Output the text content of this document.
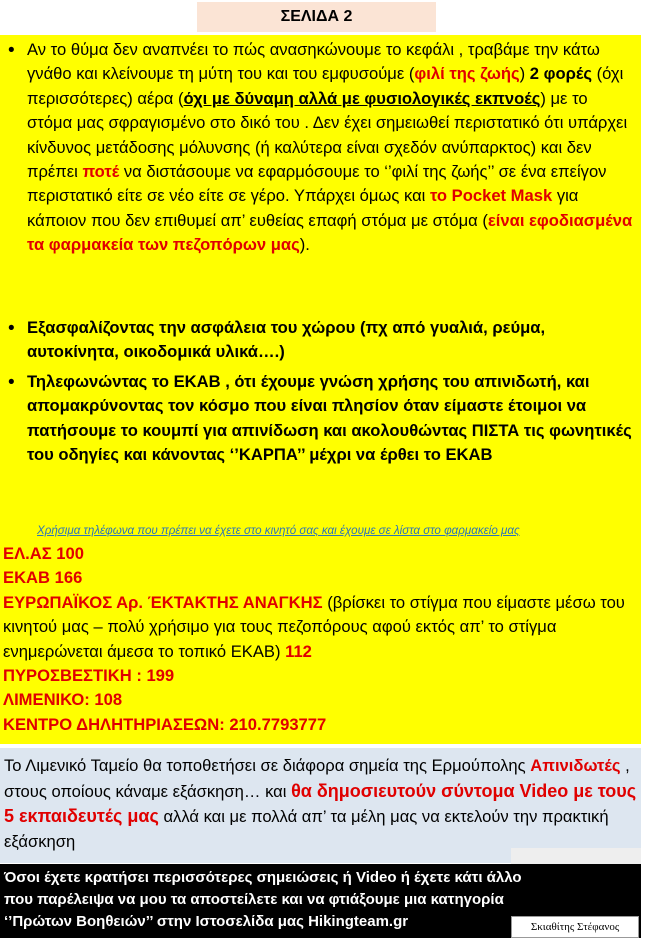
ΣΕΛΙΔΑ 2
• Αν το θύμα δεν αναπνέει το πώς ανασηκώνουμε το κεφάλι , τραβάμε την κάτω γνάθο και κλείνουμε τη μύτη του και του εμφυσούμε (φιλί της ζωής) 2 φορές (όχι περισσότερες) αέρα (όχι με δύναμη αλλά με φυσιολογικές εκπνοές) με το στόμα μας σφραγισμένο στο δικό του . Δεν έχει σημειωθεί περιστατικό ότι υπάρχει κίνδυνος μετάδοσης μόλυνσης (ή καλύτερα είναι σχεδόν ανύπαρκτος) και δεν πρέπει ποτέ να διστάσουμε να εφαρμόσουμε το ‘’φιλί της ζωής’’ σε ένα επείγον περιστατικό είτε σε νέο είτε σε γέρο. Υπάρχει όμως και το Pocket Mask για κάποιον που δεν επιθυμεί απ’ ευθείας επαφή στόμα με στόμα (είναι εφοδιασμένα τα φαρμακεία των πεζοπόρων μας).
• Εξασφαλίζοντας την ασφάλεια του χώρου (πχ από γυαλιά, ρεύμα, αυτοκίνητα, οικοδομικά υλικά….)
• Τηλεφωνώντας το ΕΚΑΒ , ότι έχουμε γνώση χρήσης του απινιδωτή, και απομακρύνοντας τον κόσμο που είναι πλησίον όταν είμαστε έτοιμοι να πατήσουμε το κουμπί για απινίδωση και ακολουθώντας ΠΙΣΤΑ τις φωνητικές του οδηγίες και κάνοντας ‘’ΚΑΡΠΑ’’ μέχρι να έρθει το ΕΚΑΒ
Χρήσιμα τηλέφωνα που πρέπει να έχετε στο κινητό σας και έχουμε σε λίστα στο φαρμακείο μας
ΕΛ.ΑΣ 100
ΕΚΑΒ 166
ΕΥΡΩΠΑΪΚΟΣ Αρ. ΈΚΤΑΚΤΗΣ ΑΝΑΓΚΗΣ (βρίσκει το στίγμα που είμαστε μέσω του κινητού μας – πολύ χρήσιμο για τους πεζοπόρους αφού εκτός απ’ το στίγμα ενημερώνεται άμεσα το τοπικό ΕΚΑΒ) 112
ΠΥΡΟΣΒΕΣΤΙΚΗ : 199
ΛΙΜΕΝΙΚΟ: 108
ΚΕΝΤΡΟ ΔΗΛΗΤΗΡΙΑΣΕΩΝ: 210.7793777
Το Λιμενικό Ταμείο θα τοποθετήσει σε διάφορα σημεία της Ερμούπολης Απινιδωτές , στους οποίους κάναμε εξάσκηση… και θα δημοσιευτούν σύντομα Video με τους 5 εκπαιδευτές μας αλλά και με πολλά απ’ τα μέλη μας να εκτελούν την πρακτική εξάσκηση
Όσοι έχετε κρατήσει περισσότερες σημειώσεις ή Video ή έχετε κάτι άλλο που παρέλειψα να μου τα αποστείλετε και να φτιάξουμε μια κατηγορία ‘’Πρώτων Βοηθειών’’ στην Ιστοσελίδα μας Hikingteam.gr	Σκιαθίτης Στέφανος
